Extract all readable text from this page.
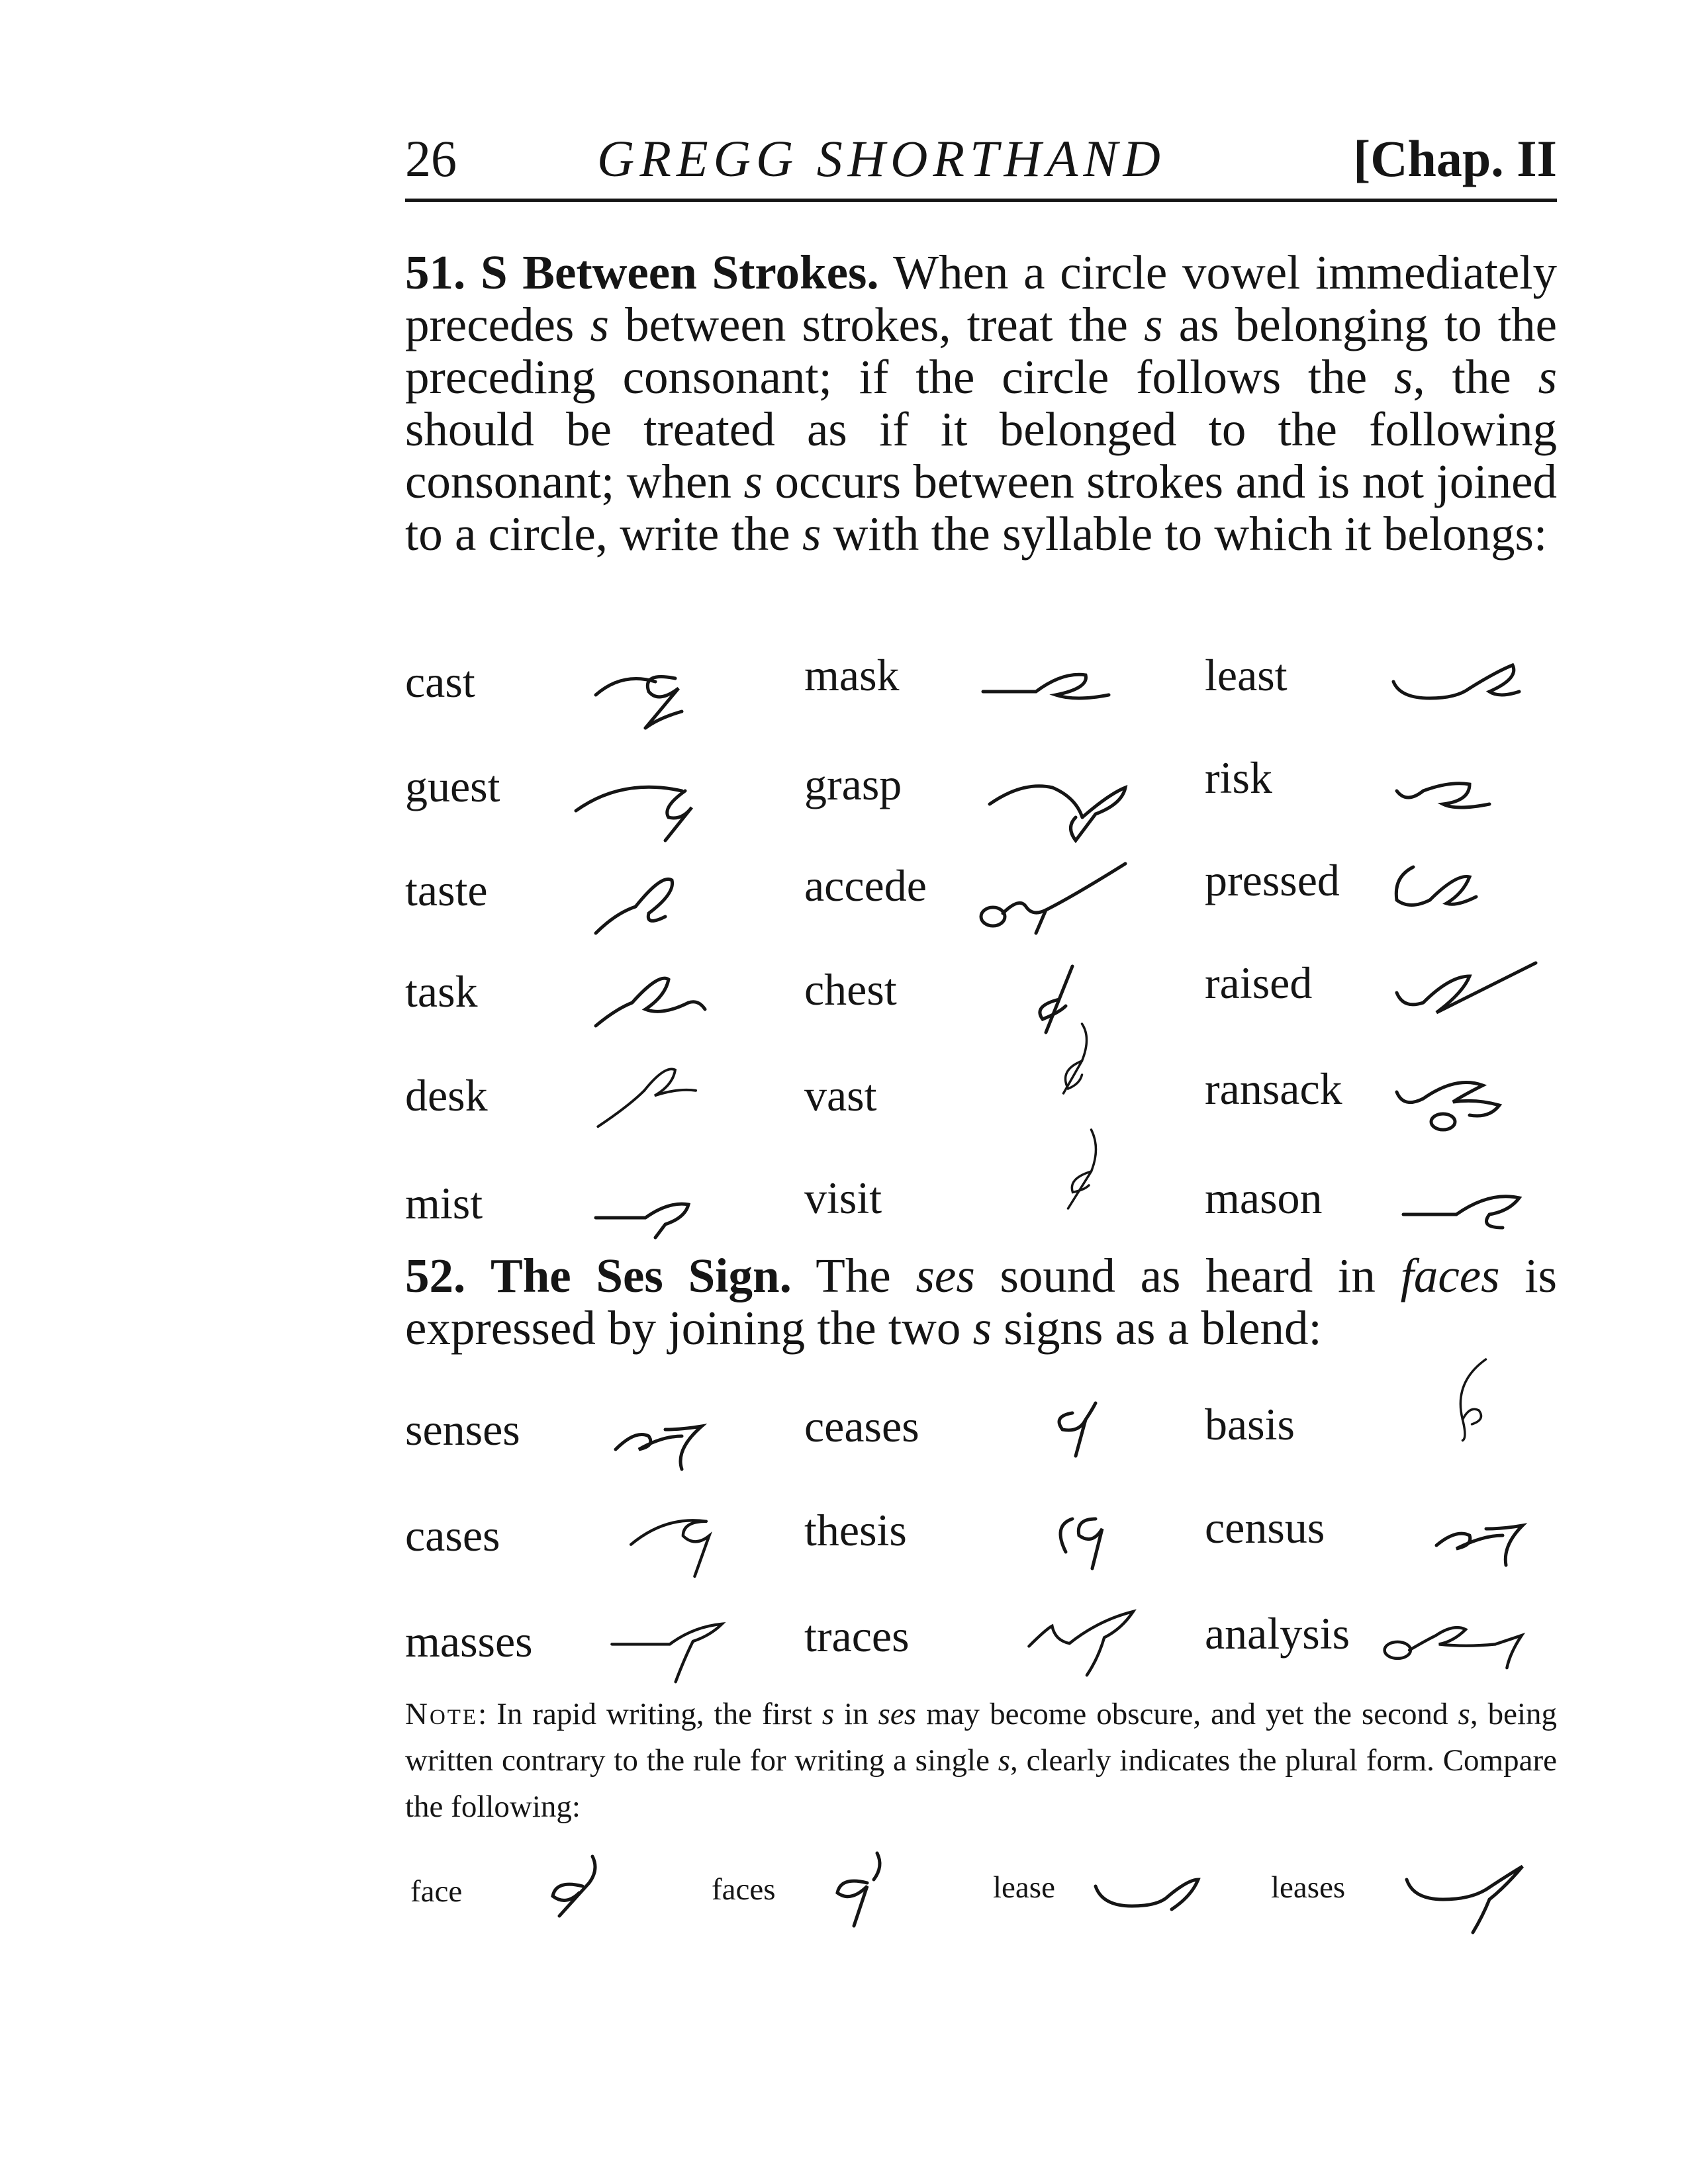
26	GREGG SHORTHAND	[Chap. II

51. S Between Strokes. When a circle vowel immediately precedes s between strokes, treat the s as belonging to the preceding consonant; if the circle follows the s, the s should be treated as if it belonged to the following consonant; when s occurs between strokes and is not joined to a circle, write the s with the syllable to which it belongs:

cast	mask	least
guest	grasp	risk
taste	accede	pressed
task	chest	raised
desk	vast	ransack
mist	visit	mason

52. The Ses Sign. The ses sound as heard in faces is expressed by joining the two s signs as a blend:

senses	ceases	basis
cases	thesis	census
masses	traces	analysis

Note: In rapid writing, the first s in ses may become obscure, and yet the second s, being written contrary to the rule for writing a single s, clearly indicates the plural form. Compare the following:

face	faces	lease	leases
